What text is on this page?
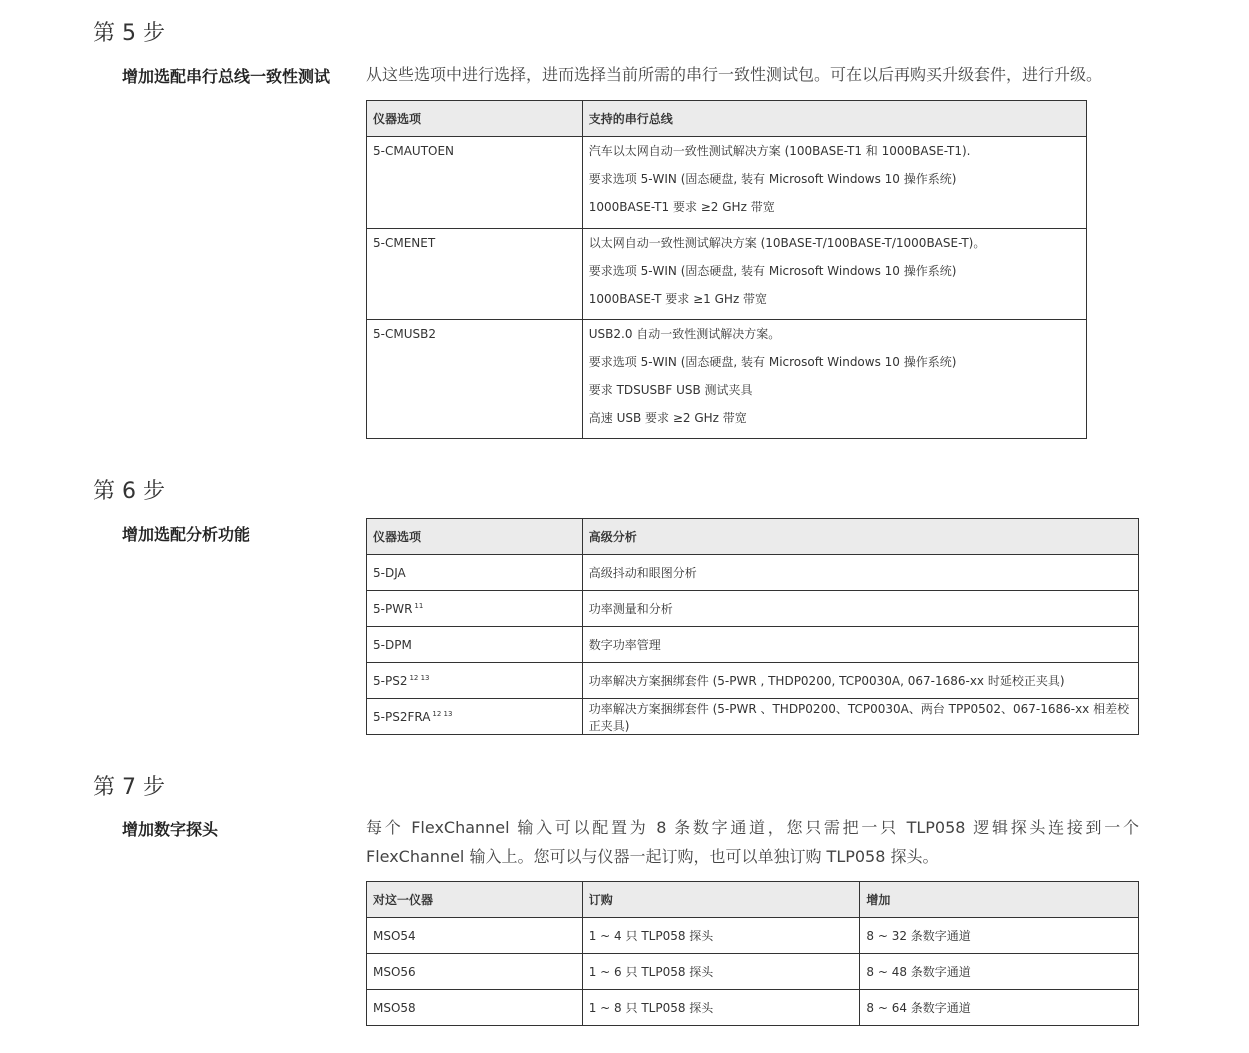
第 5 步
增加选配串行总线一致性测试 从这些选项中进行选择，进而选择当前所需的串行一致性测试包。可在以后再购买升级套件，进行升级。
仪器选项	支持的串行总线

5-CMAUTOEN	汽车以太网自动一致性测试解决方案 (100BASE-T1 和 1000BASE-T1).
要求选项 5-WIN (固态硬盘, 装有 Microsoft Windows 10 操作系统)
1000BASE-T1 要求 ≥2 GHz 带宽

5-CMENET	以太网自动一致性测试解决方案 (10BASE-T/100BASE-T/1000BASE-T)。
要求选项 5-WIN (固态硬盘, 装有 Microsoft Windows 10 操作系统)
1000BASE-T 要求 ≥1 GHz 带宽

5-CMUSB2	USB2.0 自动一致性测试解决方案。
要求选项 5-WIN (固态硬盘, 装有 Microsoft Windows 10 操作系统)
要求 TDSUSBF USB 测试夹具
高速 USB 要求 ≥2 GHz 带宽
第 6 步
增加选配分析功能	仪器选项	高级分析
5-DJA	高级抖动和眼图分析
5-PWR $^{11}$	功率测量和分析
5-DPM	数字功率管理
5-PS2 $^{12 13}$	功率解决方案捆绑套件 (5-PWR , THDP0200, TCP0030A, 067-1686-xx 时延校正夹具)
5-PS2FRA $^{12 13}$	功率解决方案捆绑套件 (5-PWR 、THDP0200、TCP0030A、两台 TPP0502、067-1686-xx 相差校正夹具)
第 7 步
增加数字探头	每个 FlexChannel 输入可以配置为 8 条数字通道，您只需把一只 TLP058 逻辑探头连接到一个
FlexChannel 输入上。您可以与仪器一起订购，也可以单独订购 TLP058 探头。
对这一仪器	订购	增加
MSO54	1 ~ 4 只 TLP058 探头	8 ~ 32 条数字通道
MSO56	1 ~ 6 只 TLP058 探头	8 ~ 48 条数字通道
MSO58	1 ~ 8 只 TLP058 探头	8 ~ 64 条数字通道
